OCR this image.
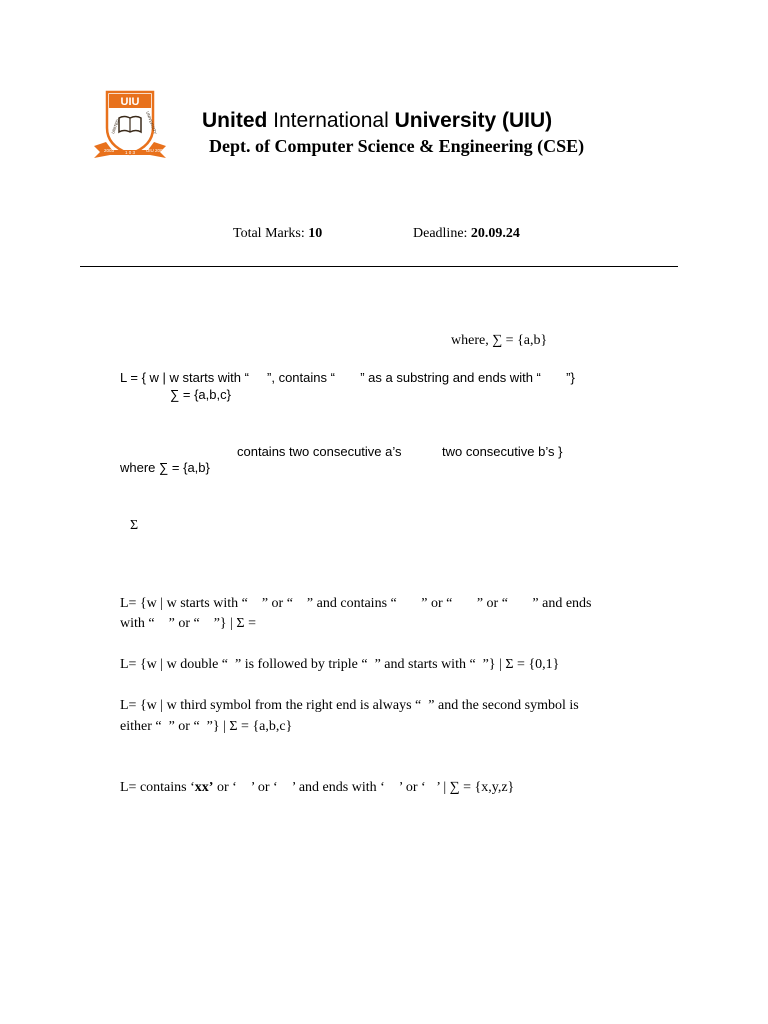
UIU
UNITED	UNIVERSITY
2003	UIU 2003
1 0 3
United International University (UIU)
Dept. of Computer Science & Engineering (CSE)
Total Marks: 10	Deadline: 20.09.24
where, ∑ = {a,b}
L = { w | w starts with “     ”, contains “       ” as a substring and ends with “       ”}
∑ = {a,b,c}
contains two consecutive a’s	two consecutive b’s }
where ∑ = {a,b}
Σ
L= {w | w starts with “    ” or “    ” and contains “       ” or “       ” or “       ” and ends
with “    ” or “    ”} | Σ =
L= {w | w double “  ” is followed by triple “  ” and starts with “  ”} | Σ = {0,1}
L= {w | w third symbol from the right end is always “  ” and the second symbol is
either “  ” or “  ”} | Σ = {a,b,c}
L= contains ‘xx’ or ‘    ’ or ‘    ’ and ends with ‘    ’ or ‘   ’ | ∑ = {x,y,z}
